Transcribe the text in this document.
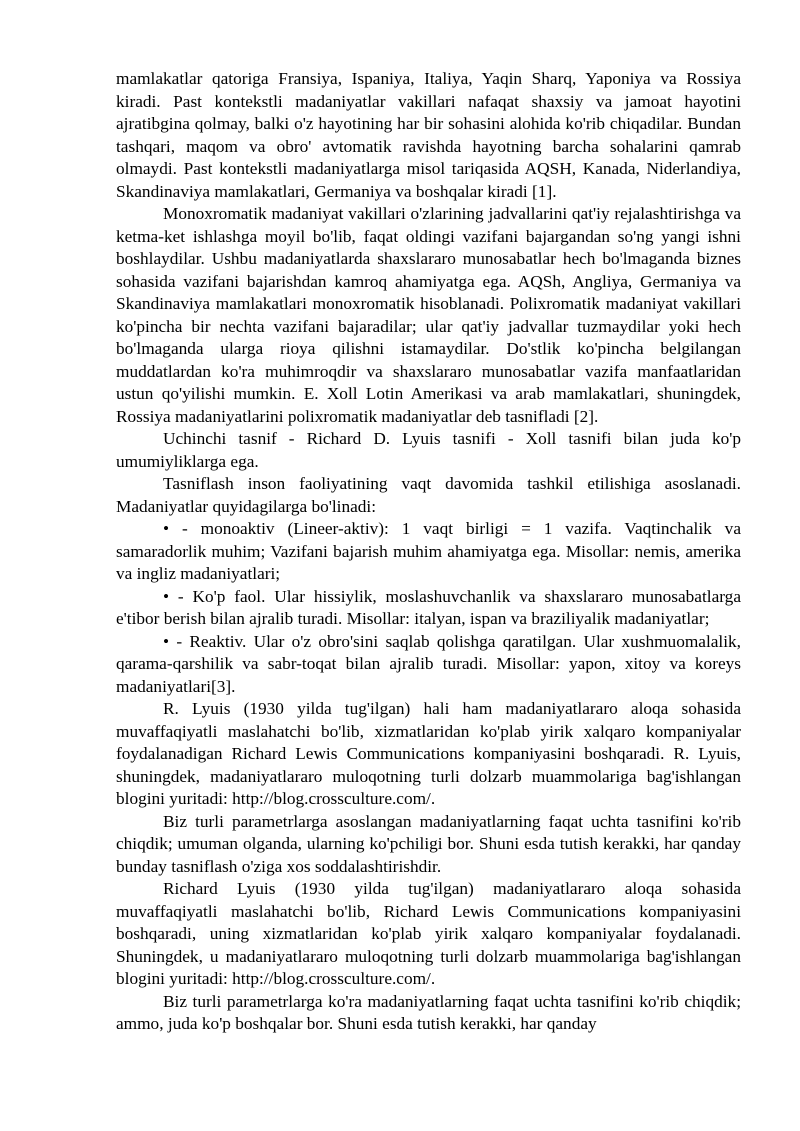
mamlakatlar qatoriga Fransiya, Ispaniya, Italiya, Yaqin Sharq, Yaponiya va Rossiya kiradi. Past kontekstli madaniyatlar vakillari nafaqat shaxsiy va jamoat hayotini ajratibgina qolmay, balki o'z hayotining har bir sohasini alohida ko'rib chiqadilar. Bundan tashqari, maqom va obro' avtomatik ravishda hayotning barcha sohalarini qamrab olmaydi. Past kontekstli madaniyatlarga misol tariqasida AQSH, Kanada, Niderlandiya, Skandinaviya mamlakatlari, Germaniya va boshqalar kiradi [1].

Monoxromatik madaniyat vakillari o'zlarining jadvallarini qat'iy rejalashtirishga va ketma-ket ishlashga moyil bo'lib, faqat oldingi vazifani bajargandan so'ng yangi ishni boshlaydilar. Ushbu madaniyatlarda shaxslararo munosabatlar hech bo'lmaganda biznes sohasida vazifani bajarishdan kamroq ahamiyatga ega. AQSh, Angliya, Germaniya va Skandinaviya mamlakatlari monoxromatik hisoblanadi. Polixromatik madaniyat vakillari ko'pincha bir nechta vazifani bajaradilar; ular qat'iy jadvallar tuzmaydilar yoki hech bo'lmaganda ularga rioya qilishni istamaydilar. Do'stlik ko'pincha belgilangan muddatlardan ko'ra muhimroqdir va shaxslararo munosabatlar vazifa manfaatlaridan ustun qo'yilishi mumkin. E. Xoll Lotin Amerikasi va arab mamlakatlari, shuningdek, Rossiya madaniyatlarini polixromatik madaniyatlar deb tasnifladi [2].

Uchinchi tasnif - Richard D. Lyuis tasnifi - Xoll tasnifi bilan juda ko'p umumiyliklarga ega.

Tasniflash inson faoliyatining vaqt davomida tashkil etilishiga asoslanadi. Madaniyatlar quyidagilarga bo'linadi:

• - monoaktiv (Lineer-aktiv): 1 vaqt birligi = 1 vazifa. Vaqtinchalik va samaradorlik muhim; Vazifani bajarish muhim ahamiyatga ega. Misollar: nemis, amerika va ingliz madaniyatlari;

• - Ko'p faol. Ular hissiylik, moslashuvchanlik va shaxslararo munosabatlarga e'tibor berish bilan ajralib turadi. Misollar: italyan, ispan va braziliyalik madaniyatlar;

• - Reaktiv. Ular o'z obro'sini saqlab qolishga qaratilgan. Ular xushmuomalalik, qarama-qarshilik va sabr-toqat bilan ajralib turadi. Misollar: yapon, xitoy va koreys madaniyatlari[3].

R. Lyuis (1930 yilda tug'ilgan) hali ham madaniyatlararo aloqa sohasida muvaffaqiyatli maslahatchi bo'lib, xizmatlaridan ko'plab yirik xalqaro kompaniyalar foydalanadigan Richard Lewis Communications kompaniyasini boshqaradi. R. Lyuis, shuningdek, madaniyatlararo muloqotning turli dolzarb muammolariga bag'ishlangan blogini yuritadi: http://blog.crossculture.com/.

Biz turli parametrlarga asoslangan madaniyatlarning faqat uchta tasnifini ko'rib chiqdik; umuman olganda, ularning ko'pchiligi bor. Shuni esda tutish kerakki, har qanday bunday tasniflash o'ziga xos soddalashtirishdir.

Richard Lyuis (1930 yilda tug'ilgan) madaniyatlararo aloqa sohasida muvaffaqiyatli maslahatchi bo'lib, Richard Lewis Communications kompaniyasini boshqaradi, uning xizmatlaridan ko'plab yirik xalqaro kompaniyalar foydalanadi. Shuningdek, u madaniyatlararo muloqotning turli dolzarb muammolariga bag'ishlangan blogini yuritadi: http://blog.crossculture.com/.

Biz turli parametrlarga ko'ra madaniyatlarning faqat uchta tasnifini ko'rib chiqdik; ammo, juda ko'p boshqalar bor. Shuni esda tutish kerakki, har qanday
